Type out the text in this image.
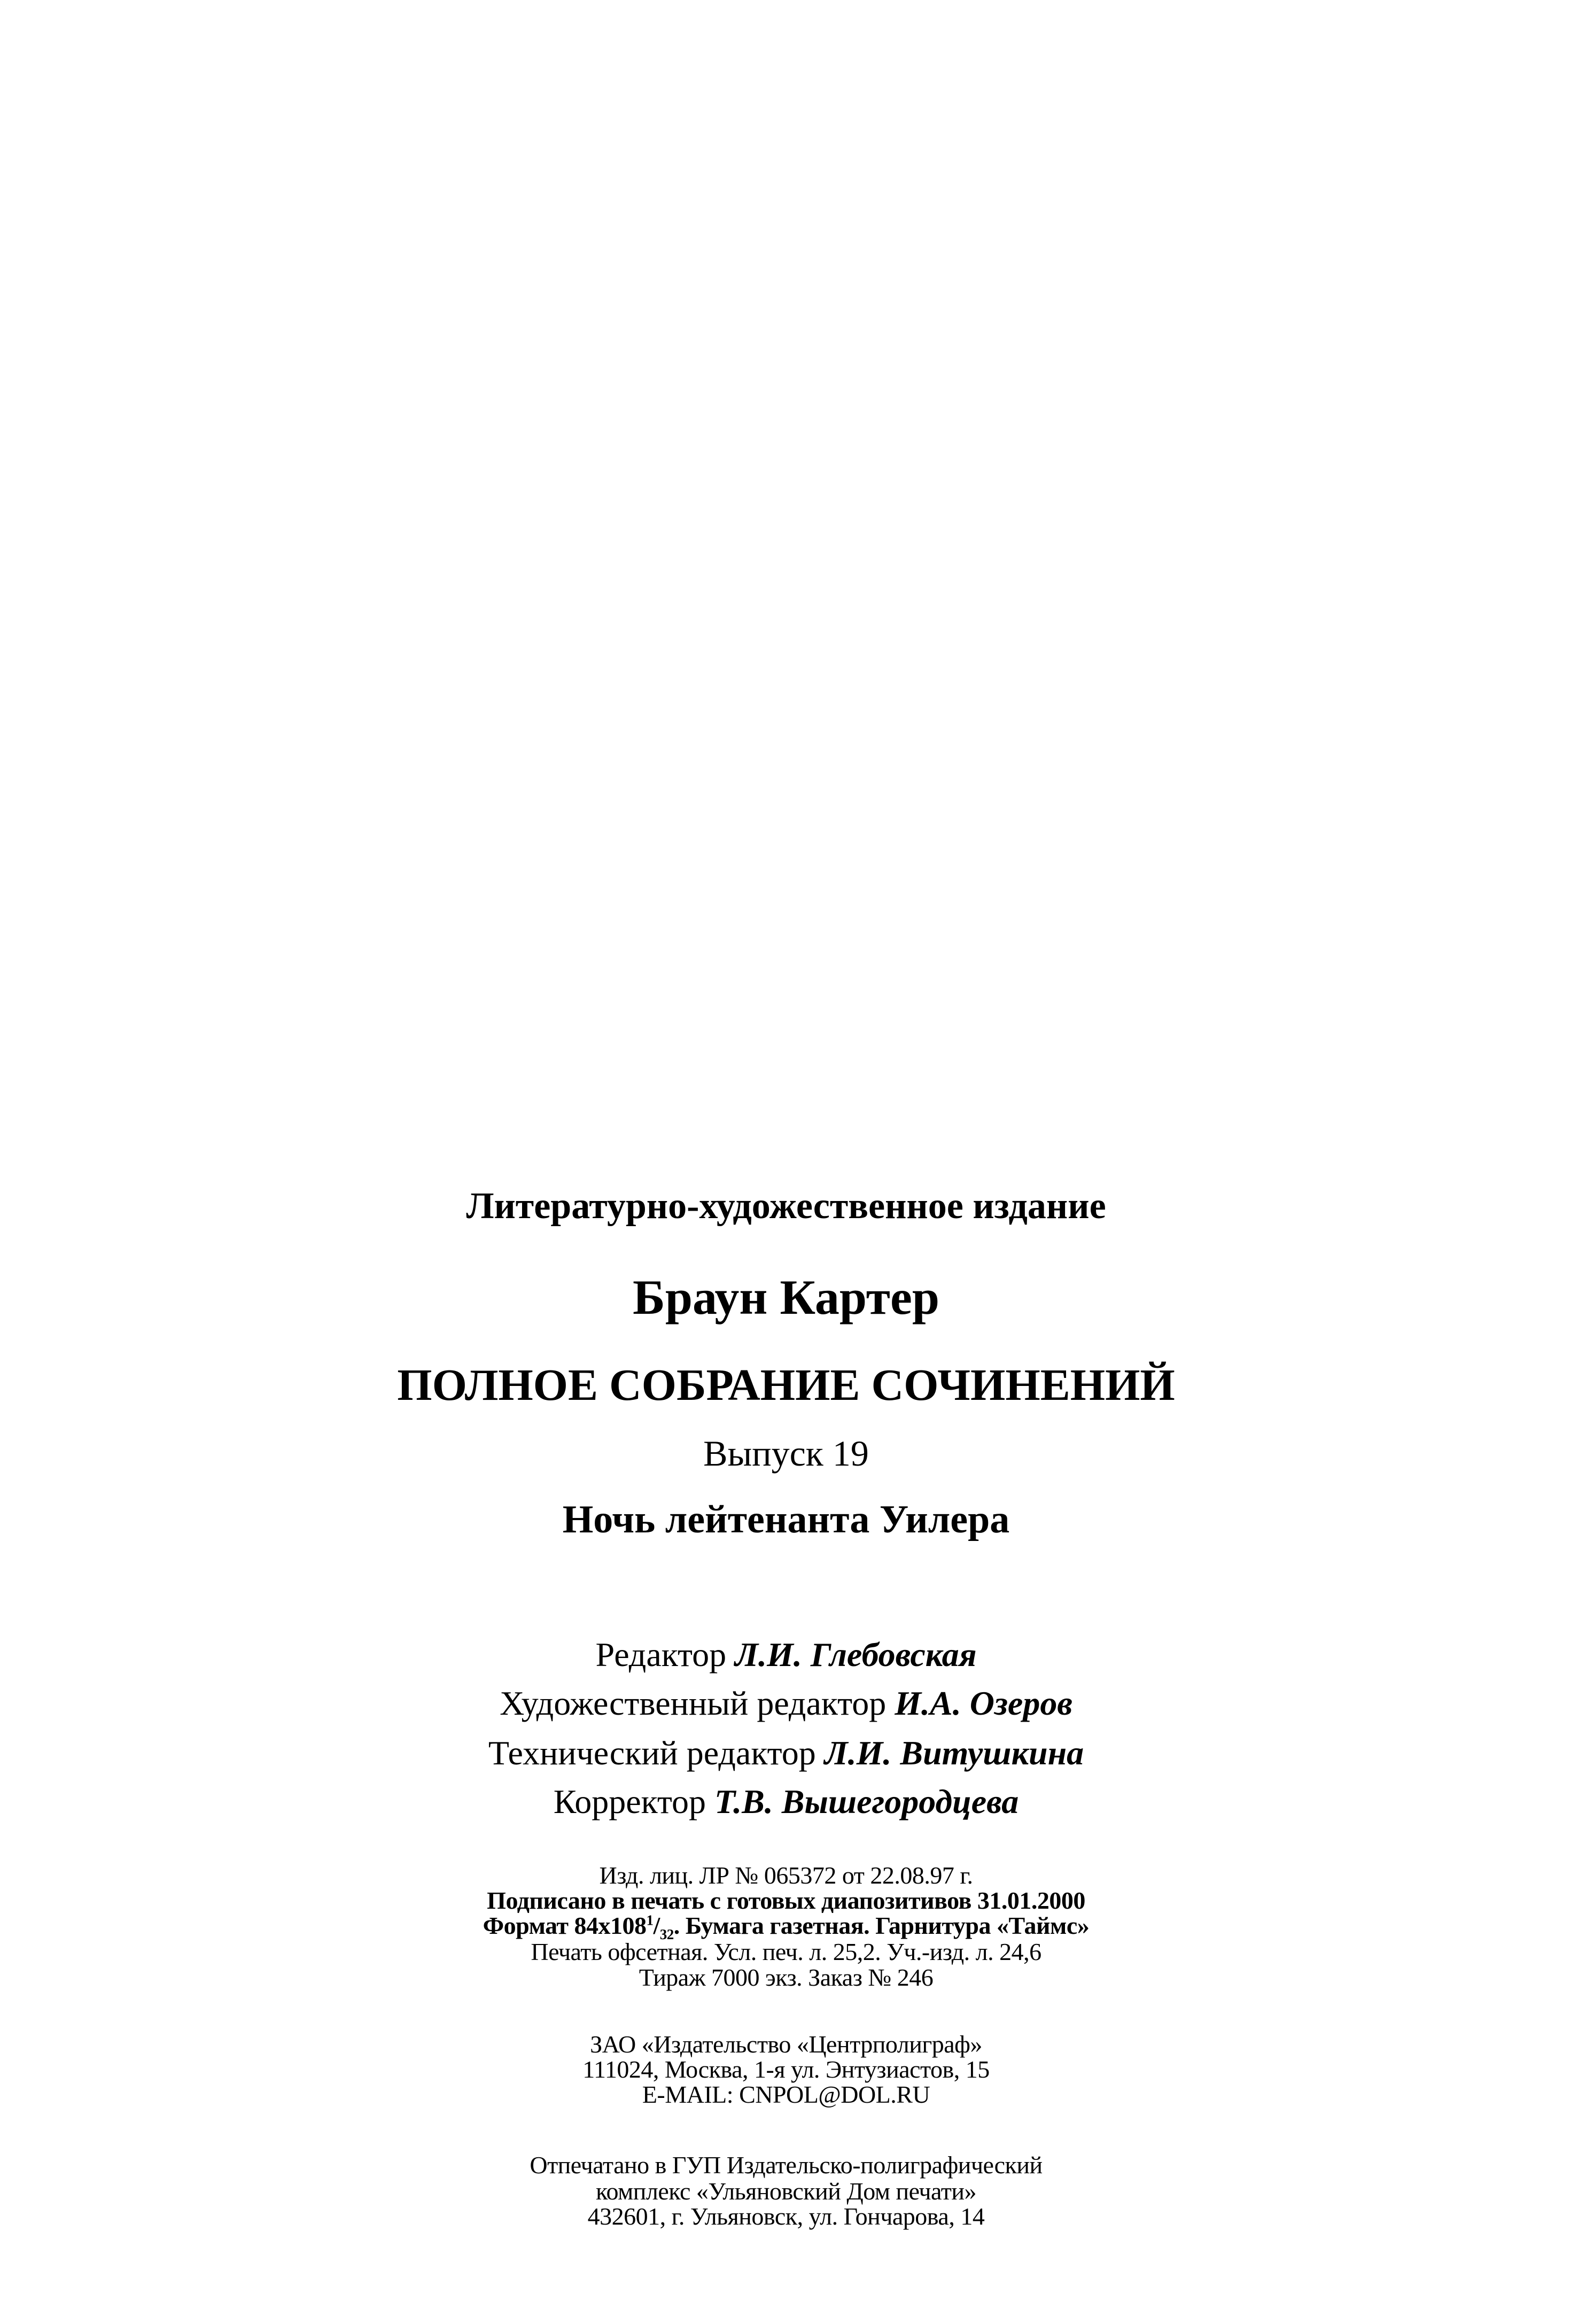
Литературно-художественное издание
Браун Картер
ПОЛНОЕ СОБРАНИЕ СОЧИНЕНИЙ
Выпуск 19
Ночь лейтенанта Уилера
Редактор Л.И. Глебовская
Художественный редактор И.А. Озеров
Технический редактор Л.И. Витушкина
Корректор Т.В. Вышегородцева
Изд. лиц. ЛР № 065372 от 22.08.97 г.
Подписано в печать с готовых диапозитивов 31.01.2000
Формат $84x108^1/_{32}$. Бумага газетная. Гарнитура «Таймс»
Печать офсетная. Усл. печ. л. 25,2. Уч.-изд. л. 24,6
Тираж 7000 экз. Заказ № 246
ЗАО «Издательство «Центрполиграф»
111024, Москва, 1-я ул. Энтузиастов, 15
E-MAIL: CNPOL@DOL.RU
Отпечатано в ГУП Издательско-полиграфический
комплекс «Ульяновский Дом печати»
432601, г. Ульяновск, ул. Гончарова, 14
